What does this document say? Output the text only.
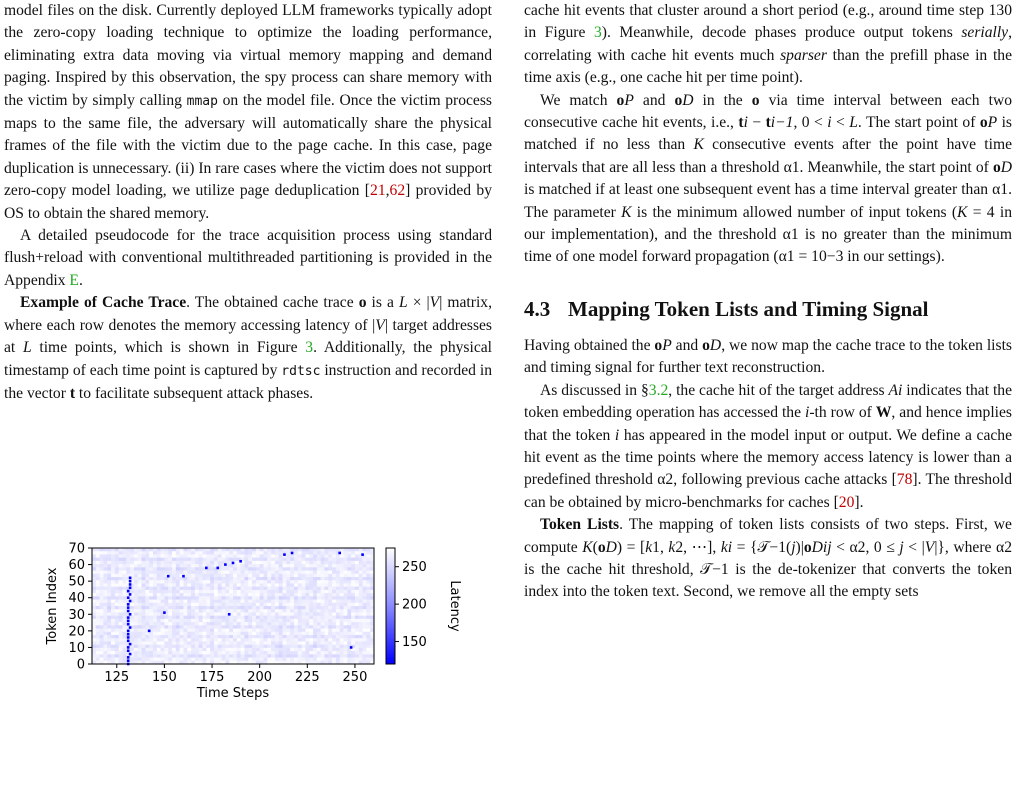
model files on the disk. Currently deployed LLM frameworks typically adopt the zero-copy loading technique to optimize the loading performance, eliminating extra data moving via virtual memory mapping and demand paging. Inspired by this observation, the spy process can share memory with the victim by simply calling mmap on the model file. Once the victim process maps to the same file, the adversary will automatically share the physical frames of the file with the victim due to the page cache. In this case, page duplication is unnecessary. (ii) In rare cases where the victim does not support zero-copy model loading, we utilize page deduplication [21,62] provided by OS to obtain the shared memory.

A detailed pseudocode for the trace acquisition process using standard flush+reload with conventional multithreaded partitioning is provided in the Appendix E.

Example of Cache Trace. The obtained cache trace o is a L × |V| matrix, where each row denotes the memory accessing latency of |V| target addresses at L time points, which is shown in Figure 3. Additionally, the physical timestamp of each time point is captured by rdtsc instruction and recorded in the vector t to facilitate subsequent attack phases.

125 150 175 200 225 250
0
10
20
30
40
50
60
70
Time Steps
Token Index	150
200
250
Latency

cache hit events that cluster around a short period (e.g., around time step 130 in Figure 3). Meanwhile, decode phases produce output tokens serially, correlating with cache hit events much sparser than the prefill phase in the time axis (e.g., one cache hit per time point).

We match oP and oD in the o via time interval between each two consecutive cache hit events, i.e., ti − ti−1, 0 < i < L. The start point of oP is matched if no less than K consecutive events after the point have time intervals that are all less than a threshold α1. Meanwhile, the start point of oD is matched if at least one subsequent event has a time interval greater than α1. The parameter K is the minimum allowed number of input tokens (K = 4 in our implementation), and the threshold α1 is no greater than the minimum time of one model forward propagation (α1 = 10−3 in our settings).

4.3 Mapping Token Lists and Timing Signal

Having obtained the oP and oD, we now map the cache trace to the token lists and timing signal for further text reconstruction.

As discussed in §3.2, the cache hit of the target address Ai indicates that the token embedding operation has accessed the i-th row of W, and hence implies that the token i has appeared in the model input or output. We define a cache hit event as the time points where the memory access latency is lower than a predefined threshold α2, following previous cache attacks [78]. The threshold can be obtained by micro-benchmarks for caches [20].

Token Lists. The mapping of token lists consists of two steps. First, we compute K(oD) = [k1, k2, ⋯], ki = {𝒯−1(j)|oDij < α2, 0 ≤ j < |V|}, where α2 is the cache hit threshold, 𝒯−1 is the de-tokenizer that converts the token index into the token text. Second, we remove all the empty sets
